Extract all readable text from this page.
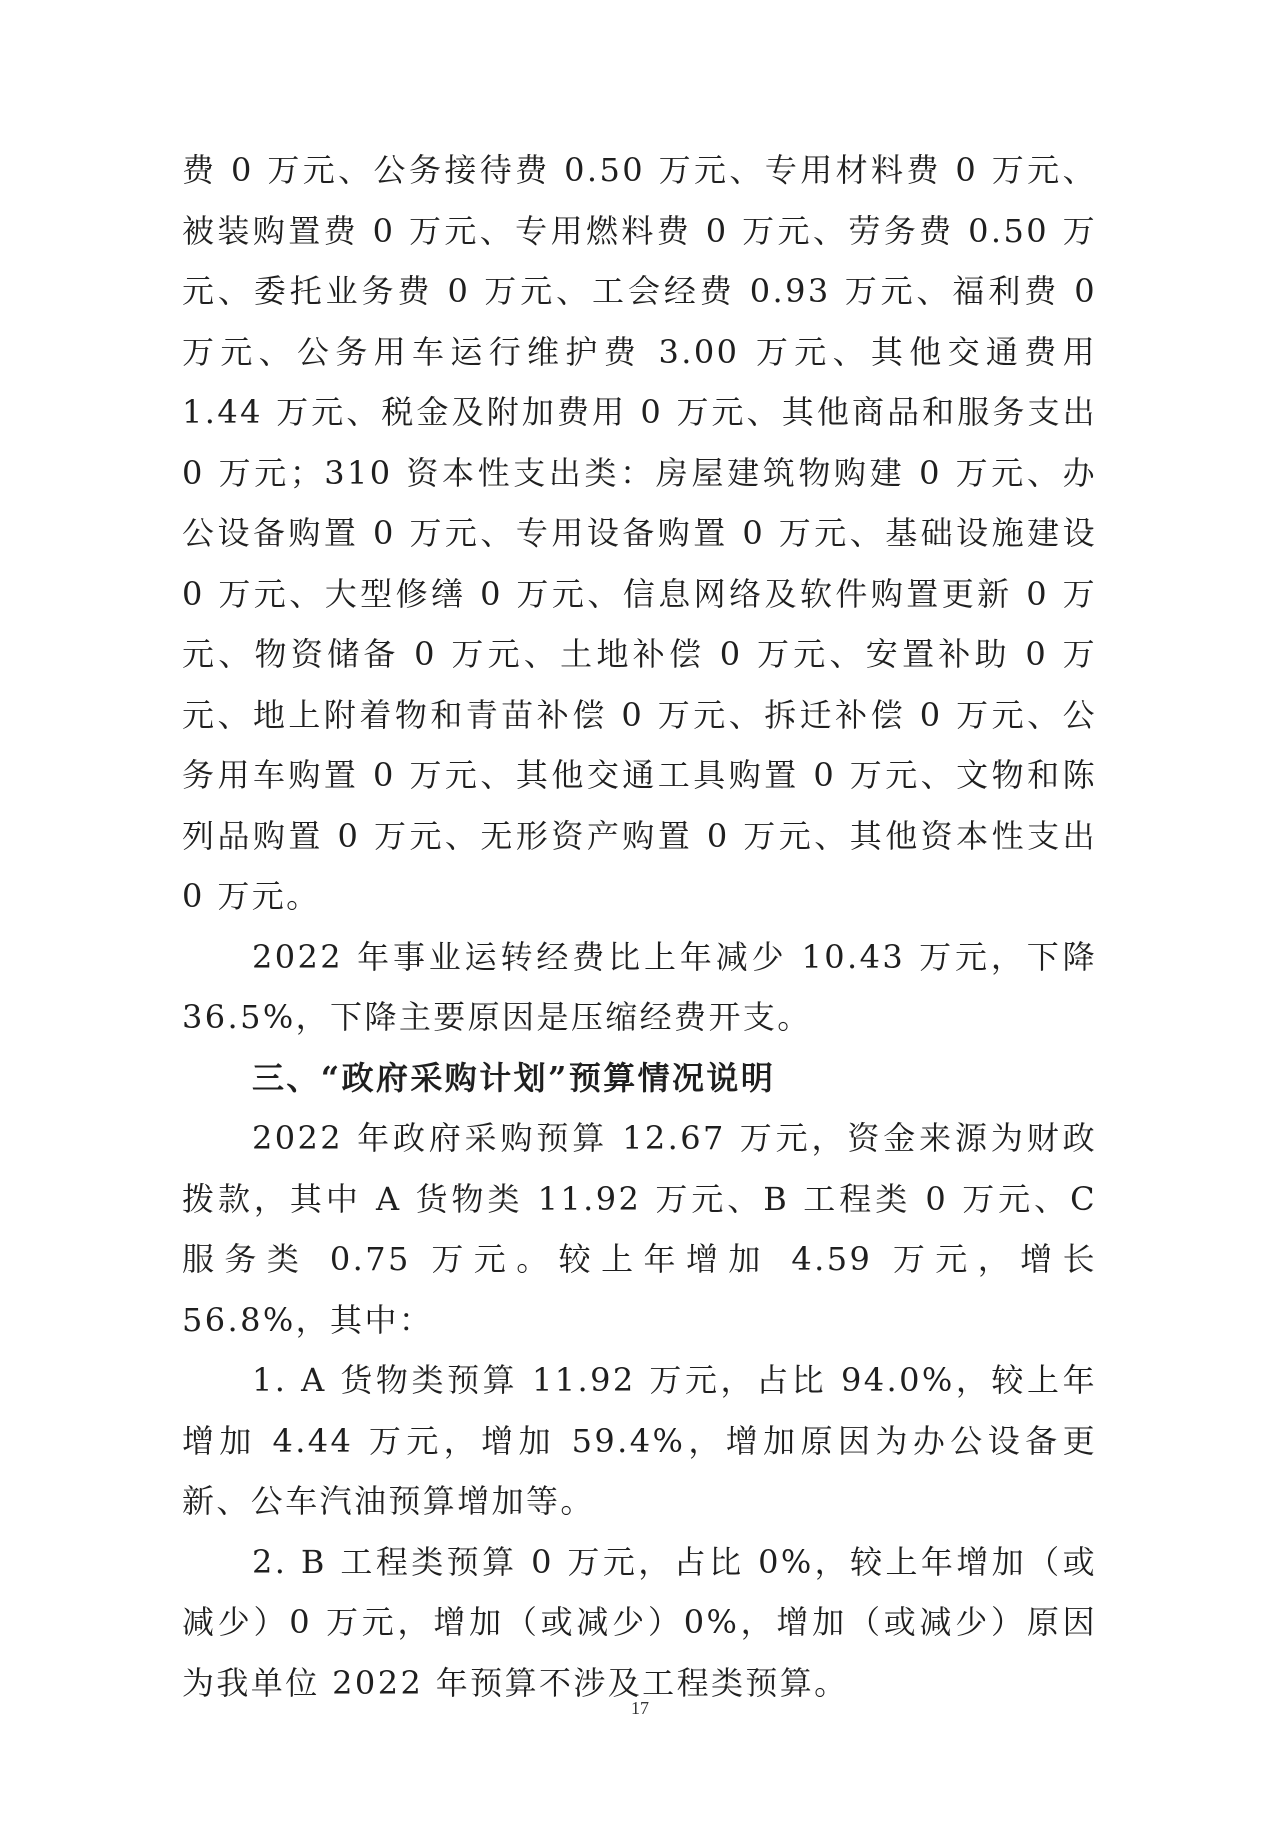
费 0 万元、公务接待费 0.50 万元、专用材料费 0 万元、被装购置费 0 万元、专用燃料费 0 万元、劳务费 0.50 万元、委托业务费 0 万元、工会经费 0.93 万元、福利费 0 万元、公务用车运行维护费 3.00 万元、其他交通费用 1.44 万元、税金及附加费用 0 万元、其他商品和服务支出 0 万元；310 资本性支出类：房屋建筑物购建 0 万元、办公设备购置 0 万元、专用设备购置 0 万元、基础设施建设 0 万元、大型修缮 0 万元、信息网络及软件购置更新 0 万元、物资储备 0 万元、土地补偿 0 万元、安置补助 0 万元、地上附着物和青苗补偿 0 万元、拆迁补偿 0 万元、公务用车购置 0 万元、其他交通工具购置 0 万元、文物和陈列品购置 0 万元、无形资产购置 0 万元、其他资本性支出 0 万元。

2022 年事业运转经费比上年减少 10.43 万元，下降 36.5%，下降主要原因是压缩经费开支。

三、“政府采购计划”预算情况说明

2022 年政府采购预算 12.67 万元，资金来源为财政拨款，其中 A 货物类 11.92 万元、B 工程类 0 万元、C 服务类 0.75 万元。较上年增加 4.59 万元，增长 56.8%，其中：

1. A 货物类预算 11.92 万元，占比 94.0%，较上年增加 4.44 万元，增加 59.4%，增加原因为办公设备更新、公车汽油预算增加等。

2. B 工程类预算 0 万元，占比 0%，较上年增加（或减少）0 万元，增加（或减少）0%，增加（或减少）原因为我单位 2022 年预算不涉及工程类预算。

17
